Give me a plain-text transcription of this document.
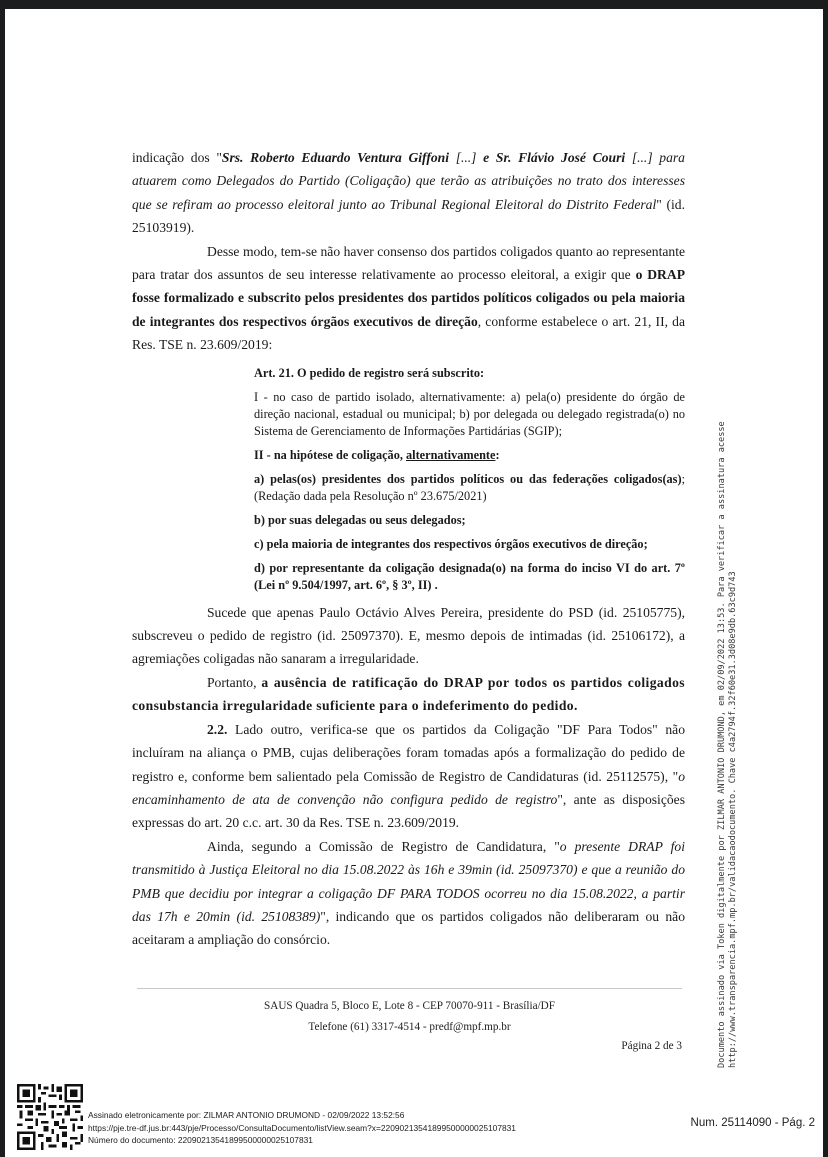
indicação dos "Srs. Roberto Eduardo Ventura Giffoni [...] e Sr. Flávio José Couri [...] para atuarem como Delegados do Partido (Coligação) que terão as atribuições no trato dos interesses que se refiram ao processo eleitoral junto ao Tribunal Regional Eleitoral do Distrito Federal" (id. 25103919).

Desse modo, tem-se não haver consenso dos partidos coligados quanto ao representante para tratar dos assuntos de seu interesse relativamente ao processo eleitoral, a exigir que o DRAP fosse formalizado e subscrito pelos presidentes dos partidos políticos coligados ou pela maioria de integrantes dos respectivos órgãos executivos de direção, conforme estabelece o art. 21, II, da Res. TSE n. 23.609/2019:

Art. 21. O pedido de registro será subscrito:

I - no caso de partido isolado, alternativamente: a) pela(o) presidente do órgão de direção nacional, estadual ou municipal; b) por delegada ou delegado registrada(o) no Sistema de Gerenciamento de Informações Partidárias (SGIP);

II - na hipótese de coligação, alternativamente:

a) pelas(os) presidentes dos partidos políticos ou das federações coligados(as); (Redação dada pela Resolução nº 23.675/2021)

b) por suas delegadas ou seus delegados;

c) pela maioria de integrantes dos respectivos órgãos executivos de direção;

d) por representante da coligação designada(o) na forma do inciso VI do art. 7º (Lei nº 9.504/1997, art. 6º, § 3º, II) .

Sucede que apenas Paulo Octávio Alves Pereira, presidente do PSD (id. 25105775), subscreveu o pedido de registro (id. 25097370). E, mesmo depois de intimadas (id. 25106172), a agremiações coligadas não sanaram a irregularidade.

Portanto, a ausência de ratificação do DRAP por todos os partidos coligados consubstancia irregularidade suficiente para o indeferimento do pedido.

2.2. Lado outro, verifica-se que os partidos da Coligação "DF Para Todos" não incluíram na aliança o PMB, cujas deliberações foram tomadas após a formalização do pedido de registro e, conforme bem salientado pela Comissão de Registro de Candidaturas (id. 25112575), "o encaminhamento de ata de convenção não configura pedido de registro", ante as disposições expressas do art. 20 c.c. art. 30 da Res. TSE n. 23.609/2019.

Ainda, segundo a Comissão de Registro de Candidatura, "o presente DRAP foi transmitido à Justiça Eleitoral no dia 15.08.2022 às 16h e 39min (id. 25097370) e que a reunião do PMB que decidiu por integrar a coligação DF PARA TODOS ocorreu no dia 15.08.2022, a partir das 17h e 20min (id. 25108389)", indicando que os partidos coligados não deliberaram ou não aceitaram a ampliação do consórcio.

SAUS Quadra 5, Bloco E, Lote 8 - CEP 70070-911 - Brasília/DF
Telefone (61) 3317-4514 - predf@mpf.mp.br
Página 2 de 3	Documento assinado via Token digitalmente por ZILMAR ANTONIO DRUMOND, em 02/09/2022 13:53. Para verificar a assinatura acesse http://www.transparencia.mpf.mp.br/validacaodocumento. Chave c4a2794f.32f60e31.3d08e9db.63c9d743
Assinado eletronicamente por: ZILMAR ANTONIO DRUMOND - 02/09/2022 13:52:56
https://pje.tre-df.jus.br:443/pje/Processo/ConsultaDocumento/listView.seam?x=22090213541899500000025107831
Número do documento: 22090213541899500000025107831
Num. 25114090 - Pág. 2
